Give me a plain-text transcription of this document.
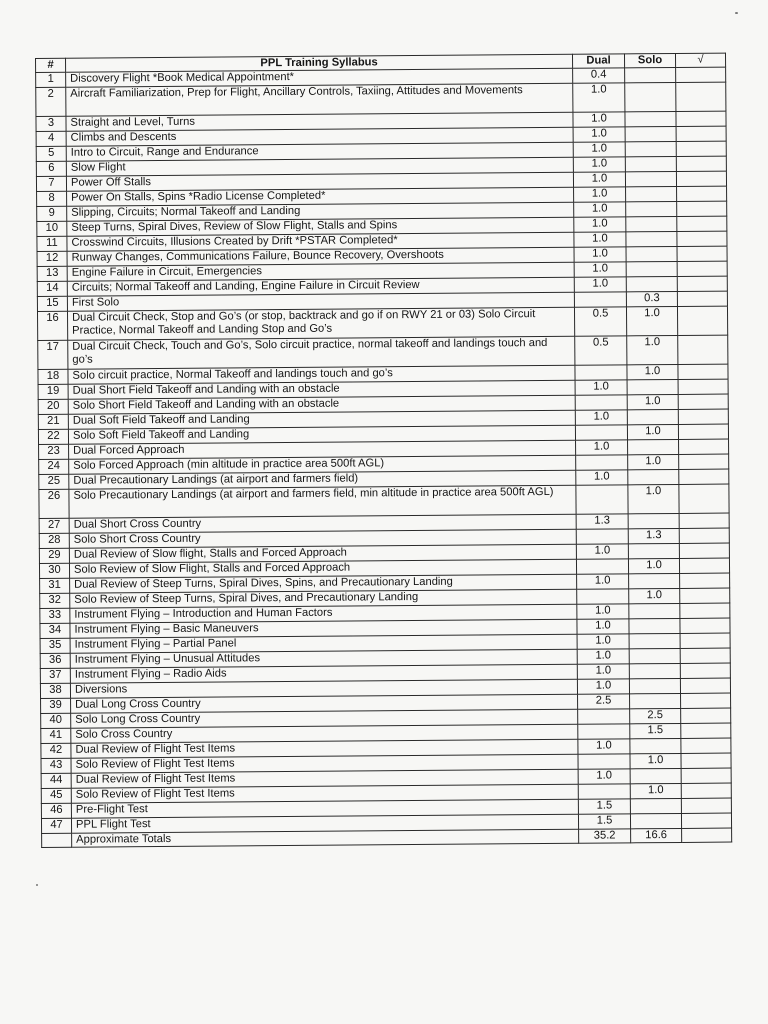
#	PPL Training Syllabus	Dual	Solo	√
1	Discovery Flight *Book Medical Appointment*	0.4		
2	Aircraft Familiarization, Prep for Flight, Ancillary Controls, Taxiing, Attitudes and Movements	1.0		
3	Straight and Level, Turns	1.0		
4	Climbs and Descents	1.0		
5	Intro to Circuit, Range and Endurance	1.0		
6	Slow Flight	1.0		
7	Power Off Stalls	1.0		
8	Power On Stalls, Spins *Radio License Completed*	1.0		
9	Slipping, Circuits; Normal Takeoff and Landing	1.0		
10	Steep Turns, Spiral Dives, Review of Slow Flight, Stalls and Spins	1.0		
11	Crosswind Circuits, Illusions Created by Drift *PSTAR Completed*	1.0		
12	Runway Changes, Communications Failure, Bounce Recovery, Overshoots	1.0		
13	Engine Failure in Circuit, Emergencies	1.0		
14	Circuits; Normal Takeoff and Landing, Engine Failure in Circuit Review	1.0		
15	First Solo		0.3	
16	Dual Circuit Check, Stop and Go’s (or stop, backtrack and go if on RWY 21 or 03) Solo Circuit Practice, Normal Takeoff and Landing Stop and Go’s	0.5	1.0	
17	Dual Circuit Check, Touch and Go’s, Solo circuit practice, normal takeoff and landings touch and go’s	0.5	1.0	
18	Solo circuit practice, Normal Takeoff and landings touch and go’s		1.0	
19	Dual Short Field Takeoff and Landing with an obstacle	1.0		
20	Solo Short Field Takeoff and Landing with an obstacle		1.0	
21	Dual Soft Field Takeoff and Landing	1.0		
22	Solo Soft Field Takeoff and Landing		1.0	
23	Dual Forced Approach	1.0		
24	Solo Forced Approach (min altitude in practice area 500ft AGL)		1.0	
25	Dual Precautionary Landings (at airport and farmers field)	1.0		
26	Solo Precautionary Landings (at airport and farmers field, min altitude in practice area 500ft AGL)		1.0	
27	Dual Short Cross Country	1.3		
28	Solo Short Cross Country		1.3	
29	Dual Review of Slow flight, Stalls and Forced Approach	1.0		
30	Solo Review of Slow Flight, Stalls and Forced Approach		1.0	
31	Dual Review of Steep Turns, Spiral Dives, Spins, and Precautionary Landing	1.0		
32	Solo Review of Steep Turns, Spiral Dives, and Precautionary Landing		1.0	
33	Instrument Flying – Introduction and Human Factors	1.0		
34	Instrument Flying – Basic Maneuvers	1.0		
35	Instrument Flying – Partial Panel	1.0		
36	Instrument Flying – Unusual Attitudes	1.0		
37	Instrument Flying – Radio Aids	1.0		
38	Diversions	1.0		
39	Dual Long Cross Country	2.5		
40	Solo Long Cross Country		2.5	
41	Solo Cross Country		1.5	
42	Dual Review of Flight Test Items	1.0		
43	Solo Review of Flight Test Items		1.0	
44	Dual Review of Flight Test Items	1.0		
45	Solo Review of Flight Test Items		1.0	
46	Pre-Flight Test	1.5		
47	PPL Flight Test	1.5		
	Approximate Totals	35.2	16.6	
